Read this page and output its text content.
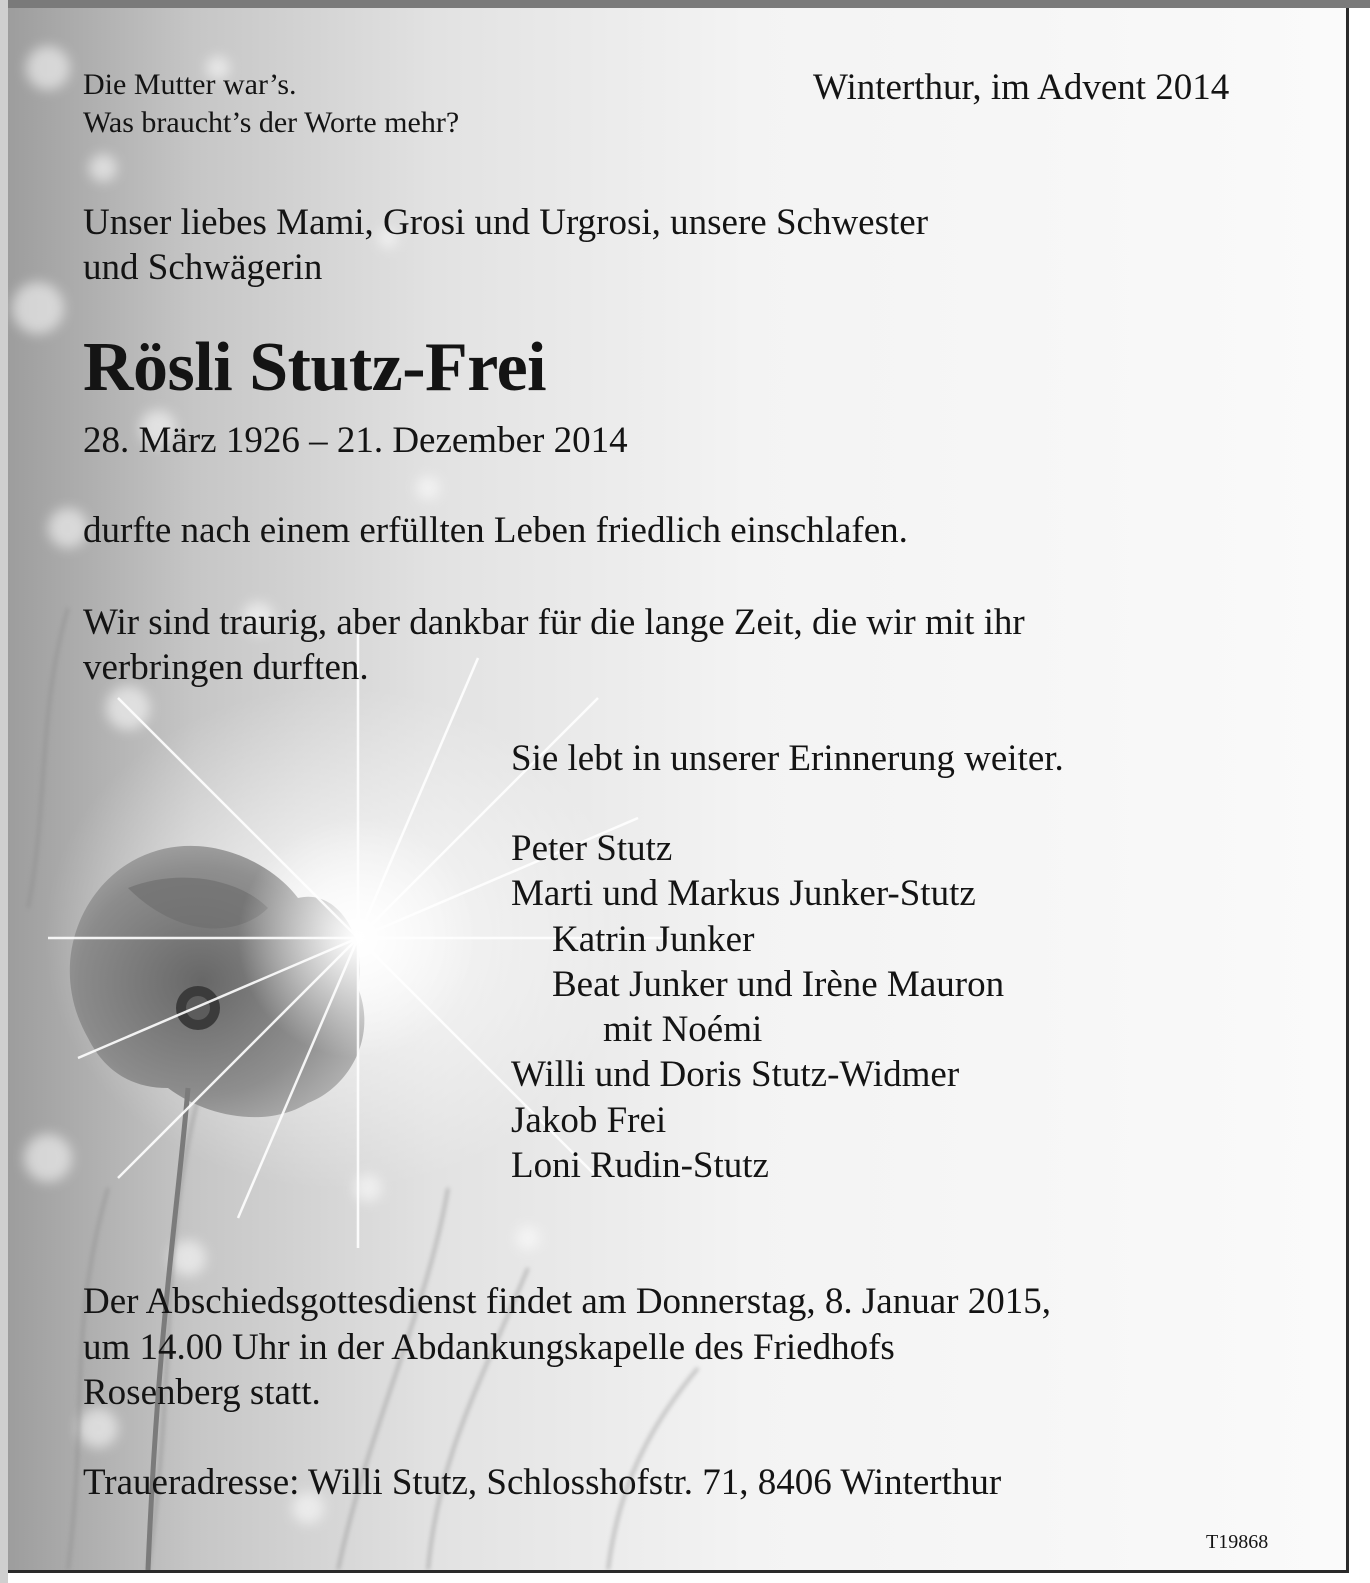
Die Mutter war’s.
Was braucht’s der Worte mehr?
Winterthur, im Advent 2014
Unser liebes Mami, Grosi und Urgrosi, unsere Schwester
und Schwägerin
Rösli Stutz-Frei
28. März 1926 – 21. Dezember 2014
durfte nach einem erfüllten Leben friedlich einschlafen.
Wir sind traurig, aber dankbar für die lange Zeit, die wir mit ihr
verbringen durften.
Sie lebt in unserer Erinnerung weiter.
Peter Stutz
Marti und Markus Junker-Stutz
Katrin Junker
Beat Junker und Irène Mauron
mit Noémi
Willi und Doris Stutz-Widmer
Jakob Frei
Loni Rudin-Stutz
Der Abschiedsgottesdienst findet am Donnerstag, 8. Januar 2015,
um 14.00 Uhr in der Abdankungskapelle des Friedhofs
Rosenberg statt.
Traueradresse: Willi Stutz, Schlosshofstr. 71, 8406 Winterthur
T19868
